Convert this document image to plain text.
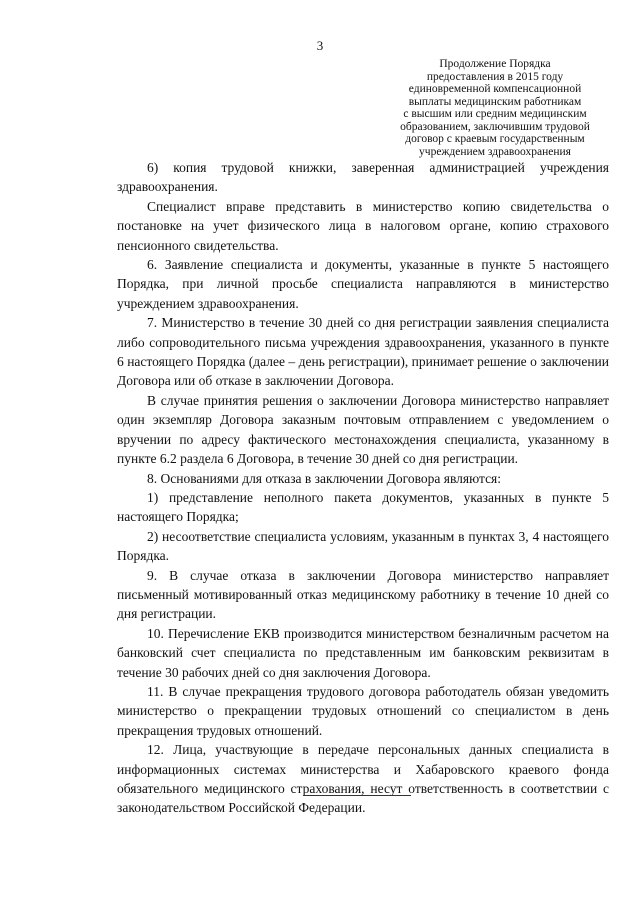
3
Продолжение Порядка
предоставления в 2015 году
единовременной компенсационной
выплаты медицинским работникам
с высшим или средним медицинским
образованием, заключившим трудовой
договор с краевым государственным
учреждением здравоохранения

6) копия трудовой книжки, заверенная администрацией учреждения здравоохранения.

Специалист вправе представить в министерство копию свидетельства о постановке на учет физического лица в налоговом органе, копию страхового пенсионного свидетельства.

6. Заявление специалиста и документы, указанные в пункте 5 настоящего Порядка, при личной просьбе специалиста направляются в министерство учреждением здравоохранения.

7. Министерство в течение 30 дней со дня регистрации заявления специалиста либо сопроводительного письма учреждения здравоохранения, указанного в пункте 6 настоящего Порядка (далее – день регистрации), принимает решение о заключении Договора или об отказе в заключении Договора.

В случае принятия решения о заключении Договора министерство направляет один экземпляр Договора заказным почтовым отправлением с уведомлением о вручении по адресу фактического местонахождения специалиста, указанному в пункте 6.2 раздела 6 Договора, в течение 30 дней со дня регистрации.

8. Основаниями для отказа в заключении Договора являются:

1) представление неполного пакета документов, указанных в пункте 5 настоящего Порядка;

2) несоответствие специалиста условиям, указанным в пунктах 3, 4 настоящего Порядка.

9. В случае отказа в заключении Договора министерство направляет письменный мотивированный отказ медицинскому работнику в течение 10 дней со дня регистрации.

10. Перечисление ЕКВ производится министерством безналичным расчетом на банковский счет специалиста по представленным им банковским реквизитам в течение 30 рабочих дней со дня заключения Договора.

11. В случае прекращения трудового договора работодатель обязан уведомить министерство о прекращении трудовых отношений со специалистом в день прекращения трудовых отношений.

12. Лица, участвующие в передаче персональных данных специалиста в информационных системах министерства и Хабаровского краевого фонда обязательного медицинского страхования, несут ответственность в соответствии с законодательством Российской Федерации.
